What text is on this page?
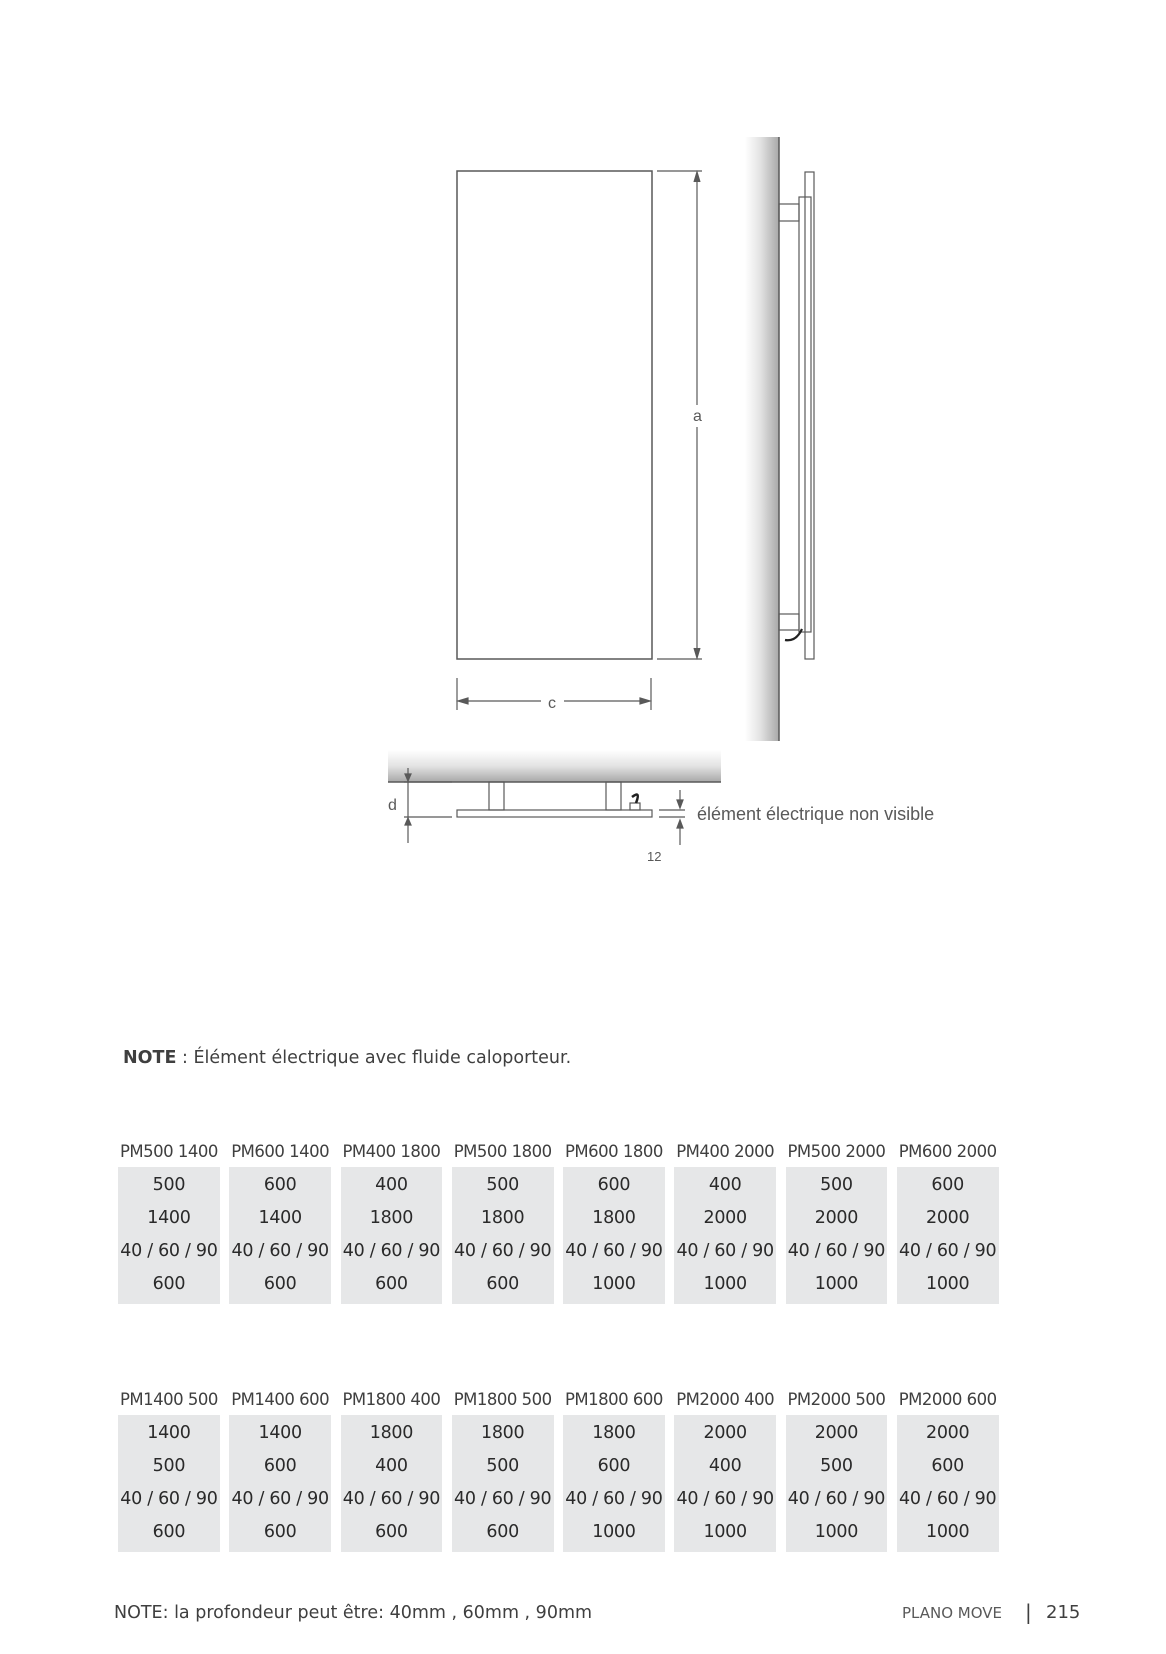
a
c
d
12
élément électrique non visible
NOTE : Élément électrique avec fluide caloporteur.
PM500 1400 PM600 1400 PM400 1800 PM500 1800 PM600 1800 PM400 2000 PM500 2000 PM600 2000
500
1400
40 / 60 / 90
600
600
1400
40 / 60 / 90
600
400
1800
40 / 60 / 90
600
500
1800
40 / 60 / 90
600
600
1800
40 / 60 / 90
1000
400
2000
40 / 60 / 90
1000
500
2000
40 / 60 / 90
1000
600
2000
40 / 60 / 90
1000
PM1400 500 PM1400 600 PM1800 400 PM1800 500 PM1800 600 PM2000 400 PM2000 500 PM2000 600
1400
500
40 / 60 / 90
600
1400
600
40 / 60 / 90
600
1800
400
40 / 60 / 90
600
1800
500
40 / 60 / 90
600
1800
600
40 / 60 / 90
1000
2000
400
40 / 60 / 90
1000
2000
500
40 / 60 / 90
1000
2000
600
40 / 60 / 90
1000
NOTE: la profondeur peut être: 40mm , 60mm , 90mm	PLANO MOVE | 215
